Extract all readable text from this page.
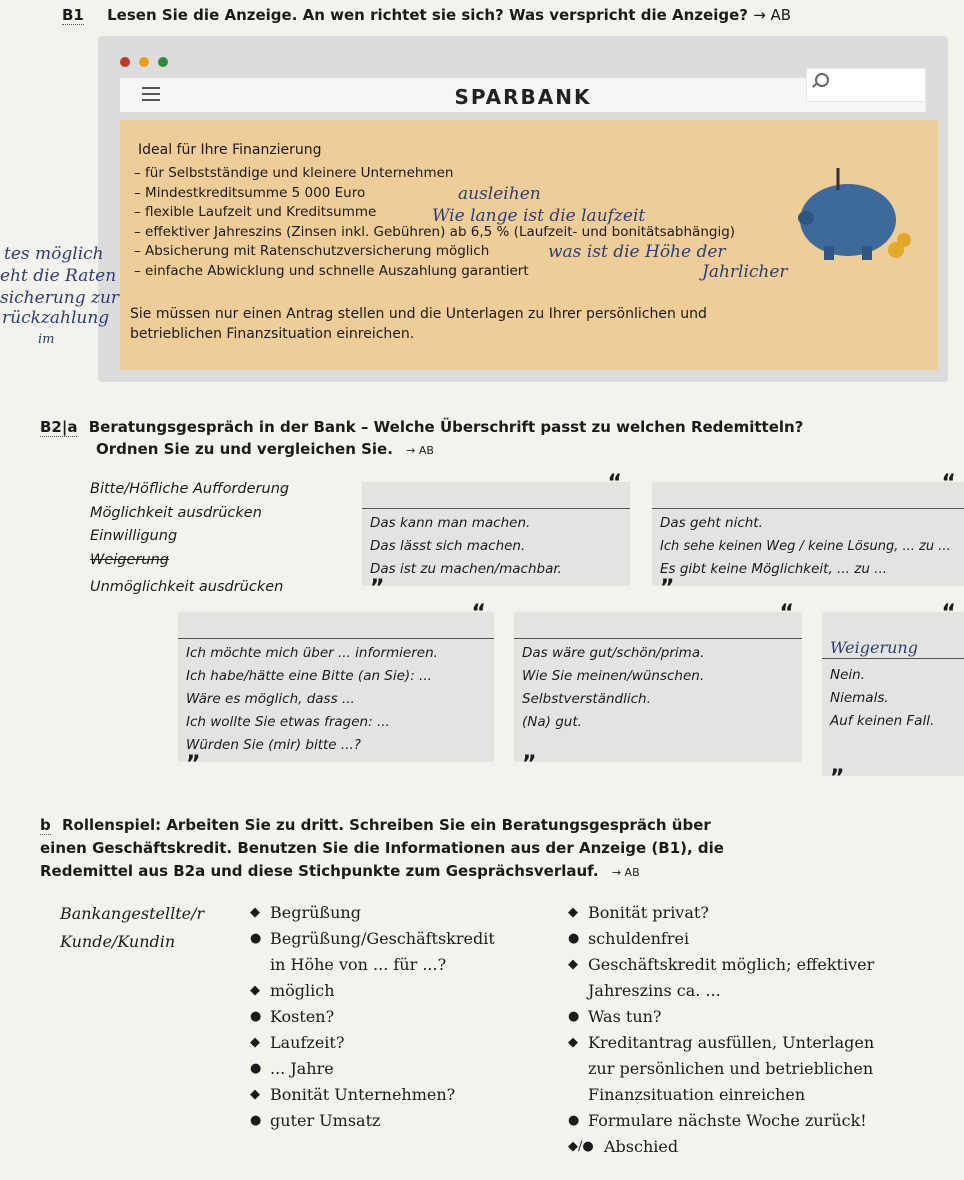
B1 Lesen Sie die Anzeige. An wen richtet sie sich? Was verspricht die Anzeige? → AB

SPARBANK
Ideal für Ihre Finanzierung
– für Selbstständige und kleinere Unternehmen
– Mindestkreditsumme 5 000 Euro
– flexible Laufzeit und Kreditsumme
– effektiver Jahreszins (Zinsen inkl. Gebühren) ab 6,5 % (Laufzeit- und bonitätsabhängig)
– Absicherung mit Ratenschutzversicherung möglich
– einfache Abwicklung und schnelle Auszahlung garantiert
Sie müssen nur einen Antrag stellen und die Unterlagen zu Ihrer persönlichen und betrieblichen Finanzsituation einreichen.
ausleihen
Wie lange ist die laufzeit
was ist die Höhe der
Jahrlicher
tes möglich
eht die Raten
sicherung zur
rückzahlung
im
B2|a Beratungsgespräch in der Bank – Welche Überschrift passt zu welchen Redemitteln?
Ordnen Sie zu und vergleichen Sie. → AB
Bitte/Höfliche Aufforderung
Möglichkeit ausdrücken
Einwilligung
Weigerung
Unmöglichkeit ausdrücken
“
”
Das kann man machen.
Das lässt sich machen.
Das ist zu machen/machbar.
“
”
Das geht nicht.
Ich sehe keinen Weg / keine Lösung, ... zu ...
Es gibt keine Möglichkeit, ... zu ...
“
”
Ich möchte mich über ... informieren.
Ich habe/hätte eine Bitte (an Sie): ...
Wäre es möglich, dass ...
Ich wollte Sie etwas fragen: ...
Würden Sie (mir) bitte ...?
“
”
Das wäre gut/schön/prima.
Wie Sie meinen/wünschen.
Selbstverständlich.
(Na) gut.
“
”
Weigerung
Nein.
Niemals.
Auf keinen Fall.
b Rollenspiel: Arbeiten Sie zu dritt. Schreiben Sie ein Beratungsgespräch über einen Geschäftskredit. Benutzen Sie die Informationen aus der Anzeige (B1), die Redemittel aus B2a und diese Stichpunkte zum Gesprächsverlauf. → AB
Bankangestellte/r
Kunde/Kundin
◆ Begrüßung
● Begrüßung/Geschäftskredit
in Höhe von ... für ...?
◆ möglich
● Kosten?
◆ Laufzeit?
● ... Jahre
◆ Bonität Unternehmen?
● guter Umsatz
◆ Bonität privat?
● schuldenfrei
◆ Geschäftskredit möglich; effektiver
Jahreszins ca. ...
● Was tun?
◆ Kreditantrag ausfüllen, Unterlagen
zur persönlichen und betrieblichen
Finanzsituation einreichen
● Formulare nächste Woche zurück!
◆/● Abschied
